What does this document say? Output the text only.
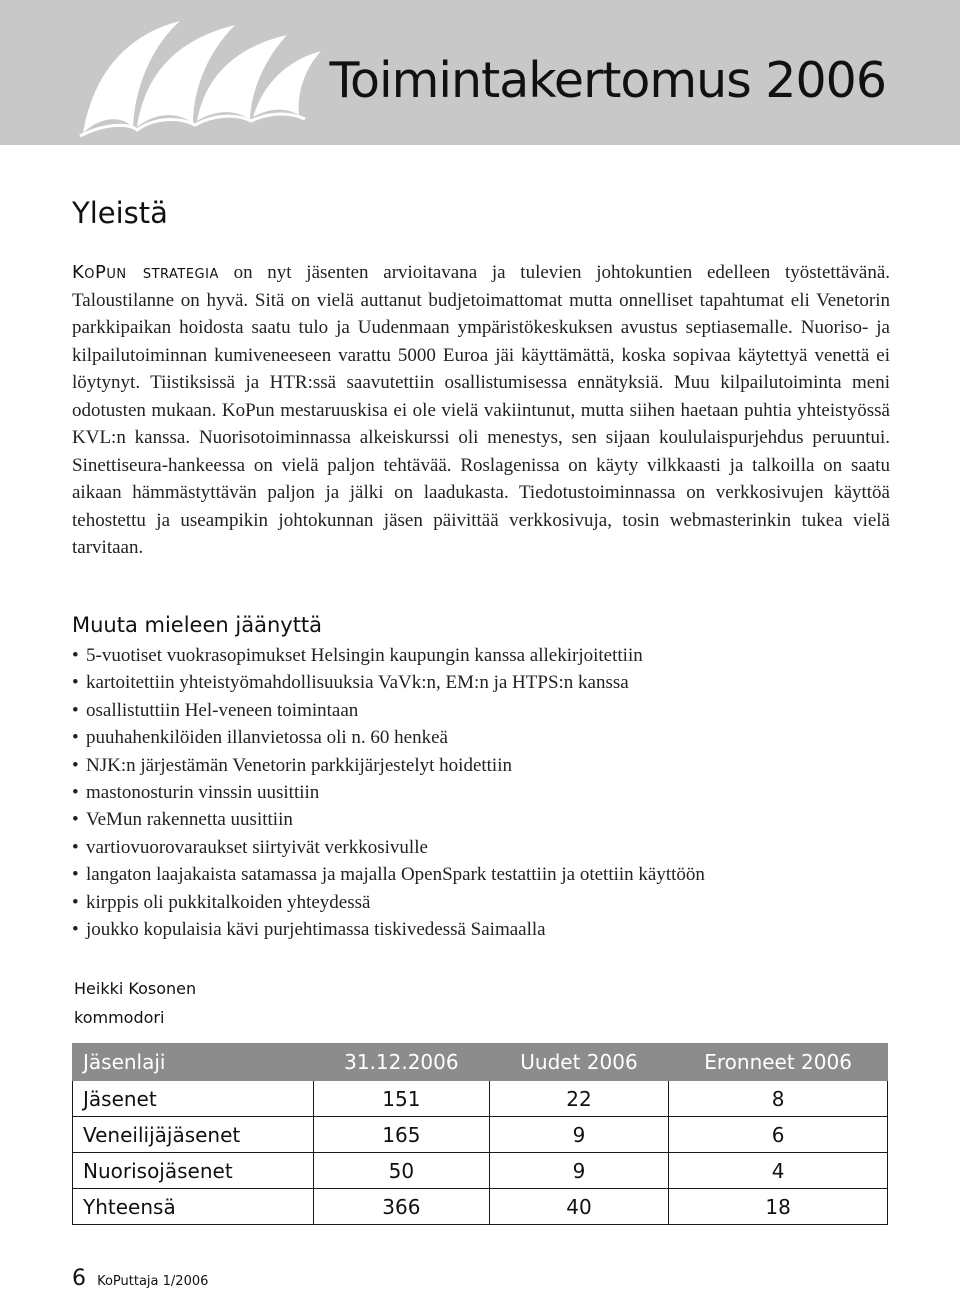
Toimintakertomus 2006
Yleistä

KoPun strategia on nyt jäsenten arvioitavana ja tulevien johtokuntien edelleen työstettävänä. Taloustilanne on hyvä. Sitä on vielä auttanut budjetoimattomat mutta onnelliset tapahtumat eli Venetorin parkkipaikan hoidosta saatu tulo ja Uudenmaan ympäristökeskuksen avustus septiasemalle. Nuoriso- ja kilpailutoiminnan kumiveneeseen varattu 5000 Euroa jäi käyttämättä, koska sopivaa käytettyä venettä ei löytynyt. Tiistiksissä ja HTR:ssä saavutettiin osallistumisessa ennätyksiä. Muu kilpailutoiminta meni odotusten mukaan. KoPun mestaruuskisa ei ole vielä vakiintunut, mutta siihen haetaan puhtia yhteistyössä KVL:n kanssa. Nuorisotoiminnassa alkeiskurssi oli menestys, sen sijaan koululaispurjehdus peruuntui. Sinettiseura-hankeessa on vielä paljon tehtävää. Roslagenissa on käyty vilkkaasti ja talkoilla on saatu aikaan hämmästyttävän paljon ja jälki on laadukasta. Tiedotustoiminnassa on verkkosivujen käyttöä tehostettu ja useampikin johtokunnan jäsen päivittää verkkosivuja, tosin webmasterinkin tukea vielä tarvitaan.

Muuta mieleen jäänyttä
• 5-vuotiset vuokrasopimukset Helsingin kaupungin kanssa allekirjoitettiin
• kartoitettiin yhteistyömahdollisuuksia VaVk:n, EM:n ja HTPS:n kanssa
• osallistuttiin Hel-veneen toimintaan
• puuhahenkilöiden illanvietossa oli n. 60 henkeä
• NJK:n järjestämän Venetorin parkkijärjestelyt hoidettiin
• mastonosturin vinssin uusittiin
• VeMun rakennetta uusittiin
• vartiovuorovaraukset siirtyivät verkkosivulle
• langaton laajakaista satamassa ja majalla OpenSpark testattiin ja otettiin käyttöön
• kirppis oli pukkitalkoiden yhteydessä
• joukko kopulaisia kävi purjehtimassa tiskivedessä Saimaalla
Heikki Kosonen
kommodori
Jäsenlaji	31.12.2006	Uudet 2006	Eronneet 2006
Jäsenet	151	22	8
Veneilijäjäsenet	165	9	6
Nuorisojäsenet	50	9	4
Yhteensä	366	40	18
6 KoPuttaja 1/2006
